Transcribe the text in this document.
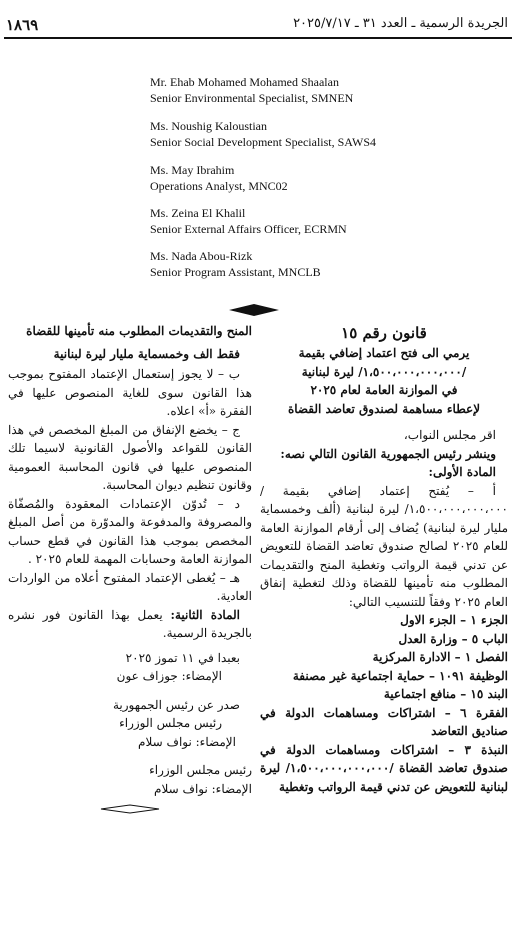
١٨٦٩	الجريدة الرسمية ـ العدد ٣١ ـ ٢٠٢٥/٧/١٧
Mr. Ehab Mohamed Mohamed Shaalan
Senior Environmental Specialist, SMNEN
Ms. Noushig Kaloustian
Senior Social Development Specialist, SAWS4
Ms. May Ibrahim
Operations Analyst, MNC02
Ms. Zeina El Khalil
Senior External Affairs Officer, ECRMN
Ms. Nada Abou-Rizk
Senior Program Assistant, MNCLB
قانون رقم ١٥
يرمي الى فتح اعتماد إضافي بقيمة
/١،٥٠٠،٠٠٠،٠٠٠،٠٠٠/ ليرة لبنانية
في الموازنة العامة لعام ٢٠٢٥
لإعطاء مساهمة لصندوق تعاضد القضاة
اقر مجلس النواب،
وينشر رئيس الجمهورية القانون التالي نصه:
المادة الأولى:
أ – يُفتح إعتماد إضافي بقيمة /١،٥٠٠،٠٠٠،٠٠٠،٠٠٠/ ليرة لبنانية (ألف وخمسماية مليار ليرة لبنانية) يُضاف إلى أرقام الموازنة العامة للعام ٢٠٢٥ لصالح صندوق تعاضد القضاة للتعويض عن تدني قيمة الرواتب وتغطية المنح والتقديمات المطلوب منه تأمينها للقضاة وذلك لتغطية إنفاق العام ٢٠٢٥ وفقاً للتنسيب التالي:
الجزء ١ – الجزء الاول
الباب ٥ – وزارة العدل
الفصل ١ – الادارة المركزية
الوظيفة ١٠٩١ – حماية اجتماعية غير مصنفة
البند ١٥ – منافع اجتماعية
الفقرة ٦ – اشتراكات ومساهمات الدولة في صناديق التعاضد
النبذة ٣ – اشتراكات ومساهمات الدولة في صندوق تعاضد القضاة /١،٥٠٠،٠٠٠،٠٠٠،٠٠٠/ ليرة لبنانية للتعويض عن تدني قيمة الرواتب وتغطية
المنح والتقديمات المطلوب منه تأمينها للقضاة
فقط الف وخمسماية مليار ليرة لبنانية
ب – لا يجوز إستعمال الإعتماد المفتوح بموجب هذا القانون سوى للغاية المنصوص عليها في الفقرة «أ» اعلاه.
ج – يخضع الإنفاق من المبلغ المخصص في هذا القانون للقواعد والأصول القانونية لاسيما تلك المنصوص عليها في قانون المحاسبة العمومية وقانون تنظيم ديوان المحاسبة.
د – تُدوّن الإعتمادات المعقودة والمُصفّاة والمصروفة والمدفوعة والمدوّرة من أصل المبلغ المخصص بموجب هذا القانون في قطع حساب الموازنة العامة وحسابات المهمة للعام ٢٠٢٥ .
هـ – يُغطى الإعتماد المفتوح أعلاه من الواردات العادية.
المادة الثانية: يعمل بهذا القانون فور نشره بالجريدة الرسمية.
بعبدا في ١١ تموز ٢٠٢٥
الإمضاء: جوزاف عون
صدر عن رئيس الجمهورية
رئيس مجلس الوزراء
الإمضاء: نواف سلام
رئيس مجلس الوزراء
الإمضاء: نواف سلام
